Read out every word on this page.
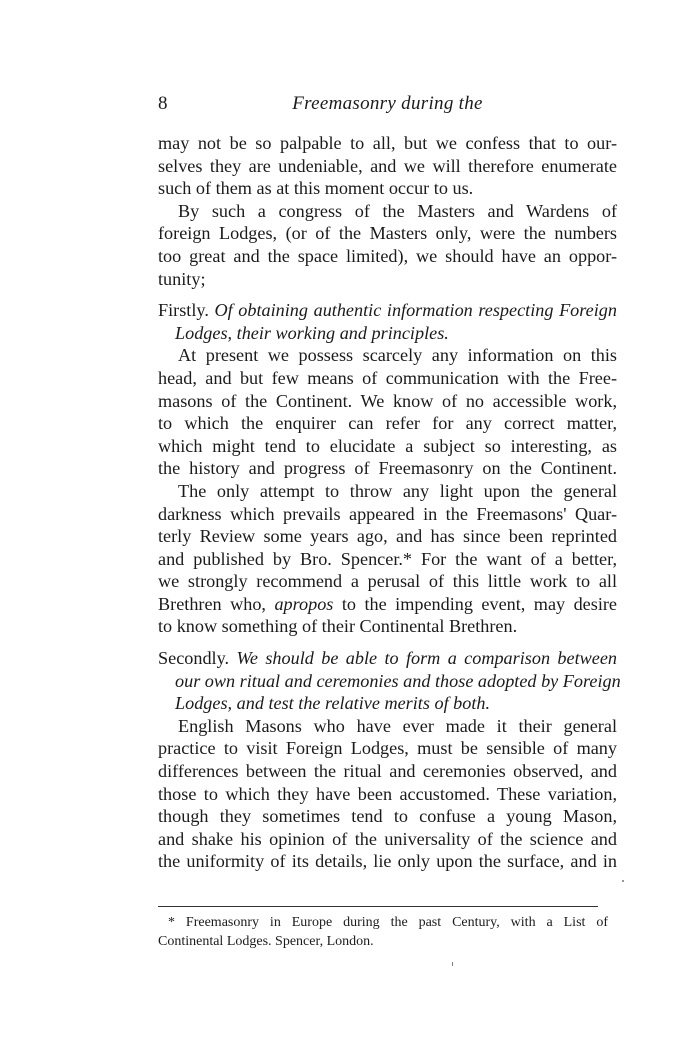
8	Freemasonry during the
may not be so palpable to all, but we confess that to our-
selves they are undeniable, and we will therefore enumerate
such of them as at this moment occur to us.
By such a congress of the Masters and Wardens of
foreign Lodges, (or of the Masters only, were the numbers
too great and the space limited), we should have an oppor-
tunity;
Firstly. Of obtaining authentic information respecting Foreign
Lodges, their working and principles.
At present we possess scarcely any information on this
head, and but few means of communication with the Free-
masons of the Continent. We know of no accessible work,
to which the enquirer can refer for any correct matter,
which might tend to elucidate a subject so interesting, as
the history and progress of Freemasonry on the Continent.
The only attempt to throw any light upon the general
darkness which prevails appeared in the Freemasons' Quar-
terly Review some years ago, and has since been reprinted
and published by Bro. Spencer.* For the want of a better,
we strongly recommend a perusal of this little work to all
Brethren who, apropos to the impending event, may desire
to know something of their Continental Brethren.
Secondly. We should be able to form a comparison between
our own ritual and ceremonies and those adopted by Foreign
Lodges, and test the relative merits of both.
English Masons who have ever made it their general
practice to visit Foreign Lodges, must be sensible of many
differences between the ritual and ceremonies observed, and
those to which they have been accustomed. These variation,
though they sometimes tend to confuse a young Mason,
and shake his opinion of the universality of the science and
the uniformity of its details, lie only upon the surface, and in
* Freemasonry in Europe during the past Century, with a List of
Continental Lodges. Spencer, London.
